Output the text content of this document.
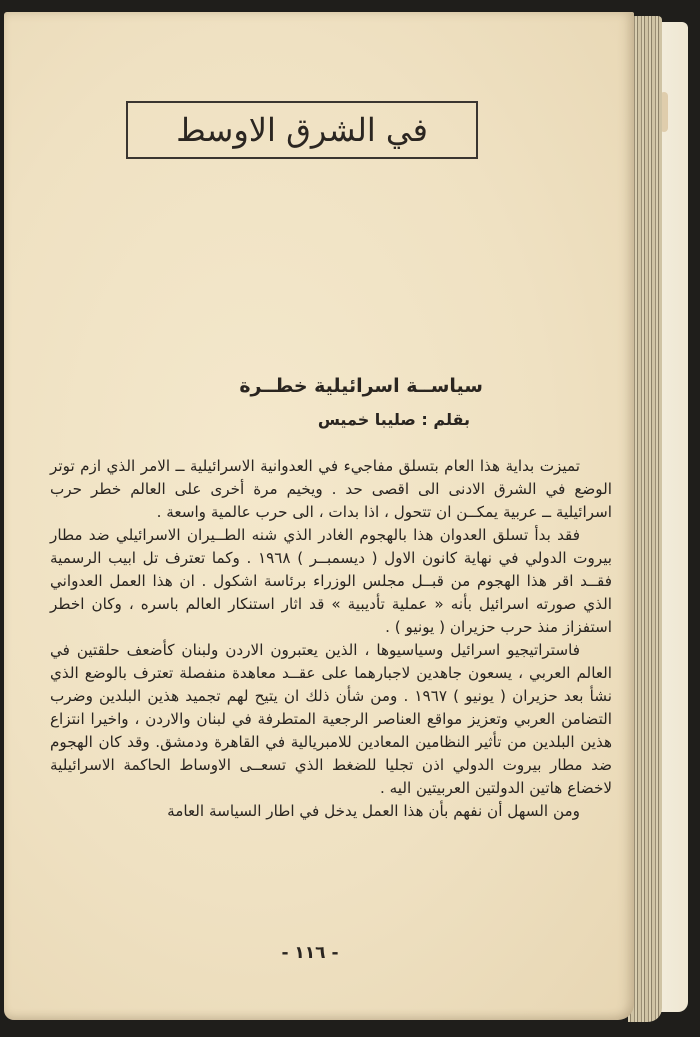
في الشرق الاوسط
سياســة اسرائيلية خطــرة
بقلم : صليبا خميس

تميزت بداية هذا العام بتسلق مفاجيء في العدوانية الاسرائيلية ــ الامر الذي ازم توتر الوضع في الشرق الادنى الى اقصى حد . ويخيم مرة أخرى على العالم خطر حرب اسرائيلية ــ عربية يمكــن ان تتحول ، اذا بدات ، الى حرب عالمية واسعة .

فقد بدأ تسلق العدوان هذا بالهجوم الغادر الذي شنه الطــيران الاسرائيلي ضد مطار بيروت الدولي في نهاية كانون الاول ( ديسمبــر ) ١٩٦٨ . وكما تعترف تل ابيب الرسمية فقــد اقر هذا الهجوم من قبــل مجلس الوزراء برئاسة اشكول . ان هذا العمل العدواني الذي صورته اسرائيل بأنه « عملية تأديبية » قد اثار استنكار العالم باسره ، وكان اخطر استفزاز منذ حرب حزيران ( يونيو ) .

فاستراتيجيو اسرائيل وسياسيوها ، الذين يعتبرون الاردن ولبنان كأضعف حلقتين في العالم العربي ، يسعون جاهدين لاجبارهما على عقــد معاهدة منفصلة تعترف بالوضع الذي نشأ بعد حزيران ( يونيو ) ١٩٦٧ . ومن شأن ذلك ان يتيح لهم تجميد هذين البلدين وضرب التضامن العربي وتعزيز مواقع العناصر الرجعية المتطرفة في لبنان والاردن ، واخيرا انتزاع هذين البلدين من تأثير النظامين المعادين للامبريالية في القاهرة ودمشق. وقد كان الهجوم ضد مطار بيروت الدولي اذن تجليا للضغط الذي تسعــى الاوساط الحاكمة الاسرائيلية لاخضاع هاتين الدولتين العربيتين اليه .

ومن السهل أن نفهم بأن هذا العمل يدخل في اطار السياسة العامة

- ١١٦ -
